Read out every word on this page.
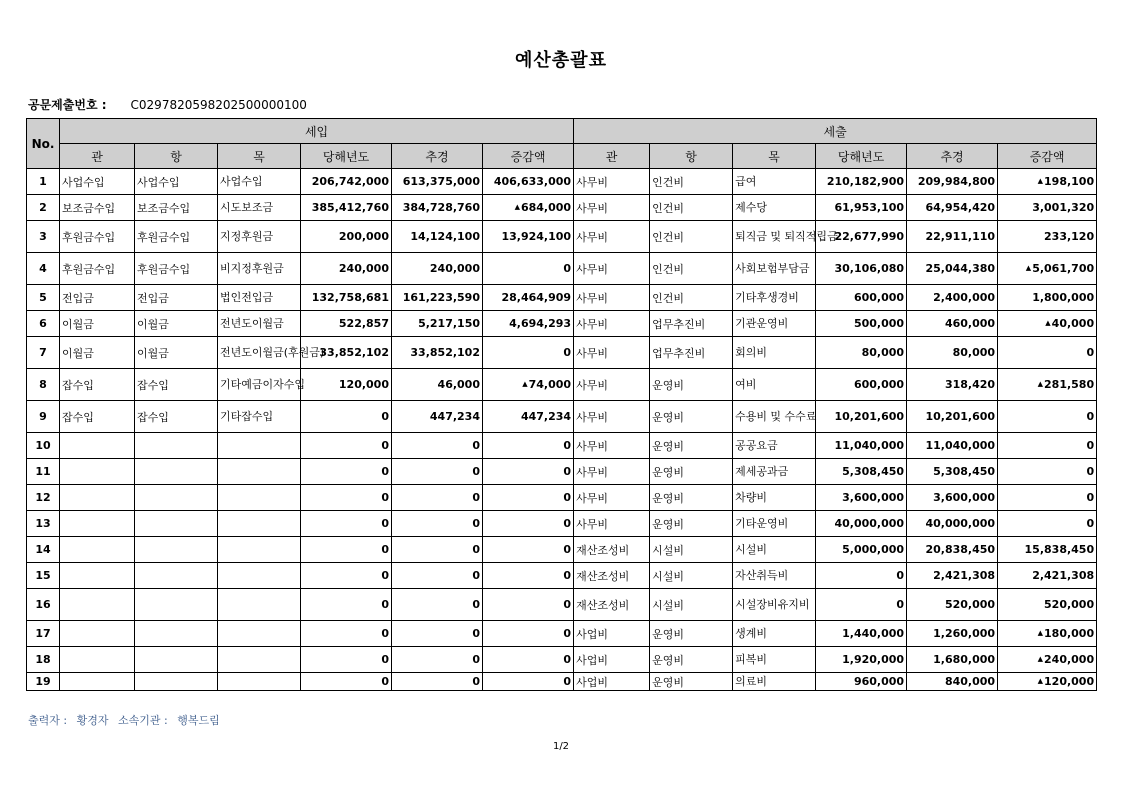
예산총괄표
공문제출번호 : C0297820598202500000100
No.	세입						세출					
	관	항	목	당해년도	추경	증감액	관	항	목	당해년도	추경	증감액
1	사업수입	사업수입	사업수입	206,742,000	613,375,000	406,633,000	사무비	인건비	급여	210,182,900	209,984,800	▲198,100
2	보조금수입	보조금수입	시도보조금	385,412,760	384,728,760	▲684,000	사무비	인건비	제수당	61,953,100	64,954,420	3,001,320
3	후원금수입	후원금수입	지정후원금	200,000	14,124,100	13,924,100	사무비	인건비	퇴직금 및 퇴직적립금	22,677,990	22,911,110	233,120
4	후원금수입	후원금수입	비지정후원금	240,000	240,000	0	사무비	인건비	사회보험부담금	30,106,080	25,044,380	▲5,061,700
5	전입금	전입금	법인전입금	132,758,681	161,223,590	28,464,909	사무비	인건비	기타후생경비	600,000	2,400,000	1,800,000
6	이월금	이월금	전년도이월금	522,857	5,217,150	4,694,293	사무비	업무추진비	기관운영비	500,000	460,000	▲40,000
7	이월금	이월금	전년도이월금(후원금)	33,852,102	33,852,102	0	사무비	업무추진비	회의비	80,000	80,000	0
8	잡수입	잡수입	기타예금이자수입	120,000	46,000	▲74,000	사무비	운영비	여비	600,000	318,420	▲281,580
9	잡수입	잡수입	기타잡수입	0	447,234	447,234	사무비	운영비	수용비 및 수수료	10,201,600	10,201,600	0
10				0	0	0	사무비	운영비	공공요금	11,040,000	11,040,000	0
11				0	0	0	사무비	운영비	제세공과금	5,308,450	5,308,450	0
12				0	0	0	사무비	운영비	차량비	3,600,000	3,600,000	0
13				0	0	0	사무비	운영비	기타운영비	40,000,000	40,000,000	0
14				0	0	0	재산조성비	시설비	시설비	5,000,000	20,838,450	15,838,450
15				0	0	0	재산조성비	시설비	자산취득비	0	2,421,308	2,421,308
16				0	0	0	재산조성비	시설비	시설장비유지비	0	520,000	520,000
17				0	0	0	사업비	운영비	생계비	1,440,000	1,260,000	▲180,000
18				0	0	0	사업비	운영비	피복비	1,920,000	1,680,000	▲240,000
19				0	0	0	사업비	운영비	의료비	960,000	840,000	▲120,000
출력자 : 황경자 소속기관 : 행복드림
1/2
